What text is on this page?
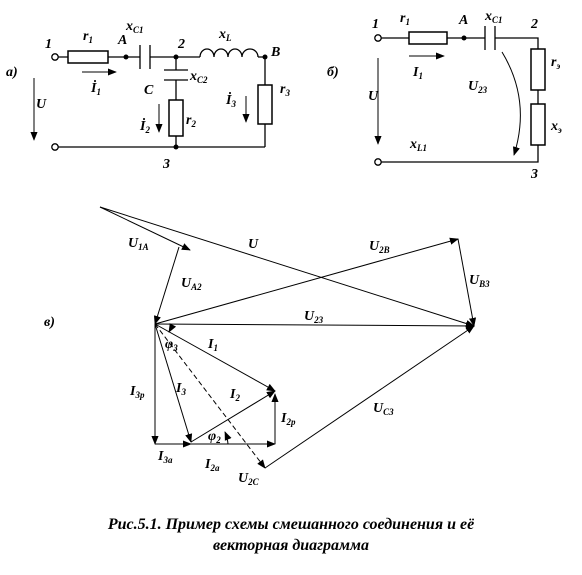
а)
1
$r_1$ A
$x_{C1}$
2
$x_L$
B
C
$x_{C2}$
$r_2$
$r_3$
$İ_1$
$İ_2$
$İ_3$
U
3
б)
1 $r_1$	A $x_{C1}$ 2
$r_э$
$x_э$
$I_1$
U
$U_{23}$
$x_{L1}$
3
в)
$U_{1A}$	U	$U_{2B}$
$U_{A2}$	$U_{B3}$
$U_{23}$
$\varphi_3$ $I_1$
$I_{3p}$ $I_3$	$I_2$
$I_{2p}$
$U_{C3}$
$\varphi_2$
$I_{3a}$ $I_{2a}$
$U_{2C}$
Рис.5.1. Пример схемы смешанного соединения и её
векторная диаграмма
